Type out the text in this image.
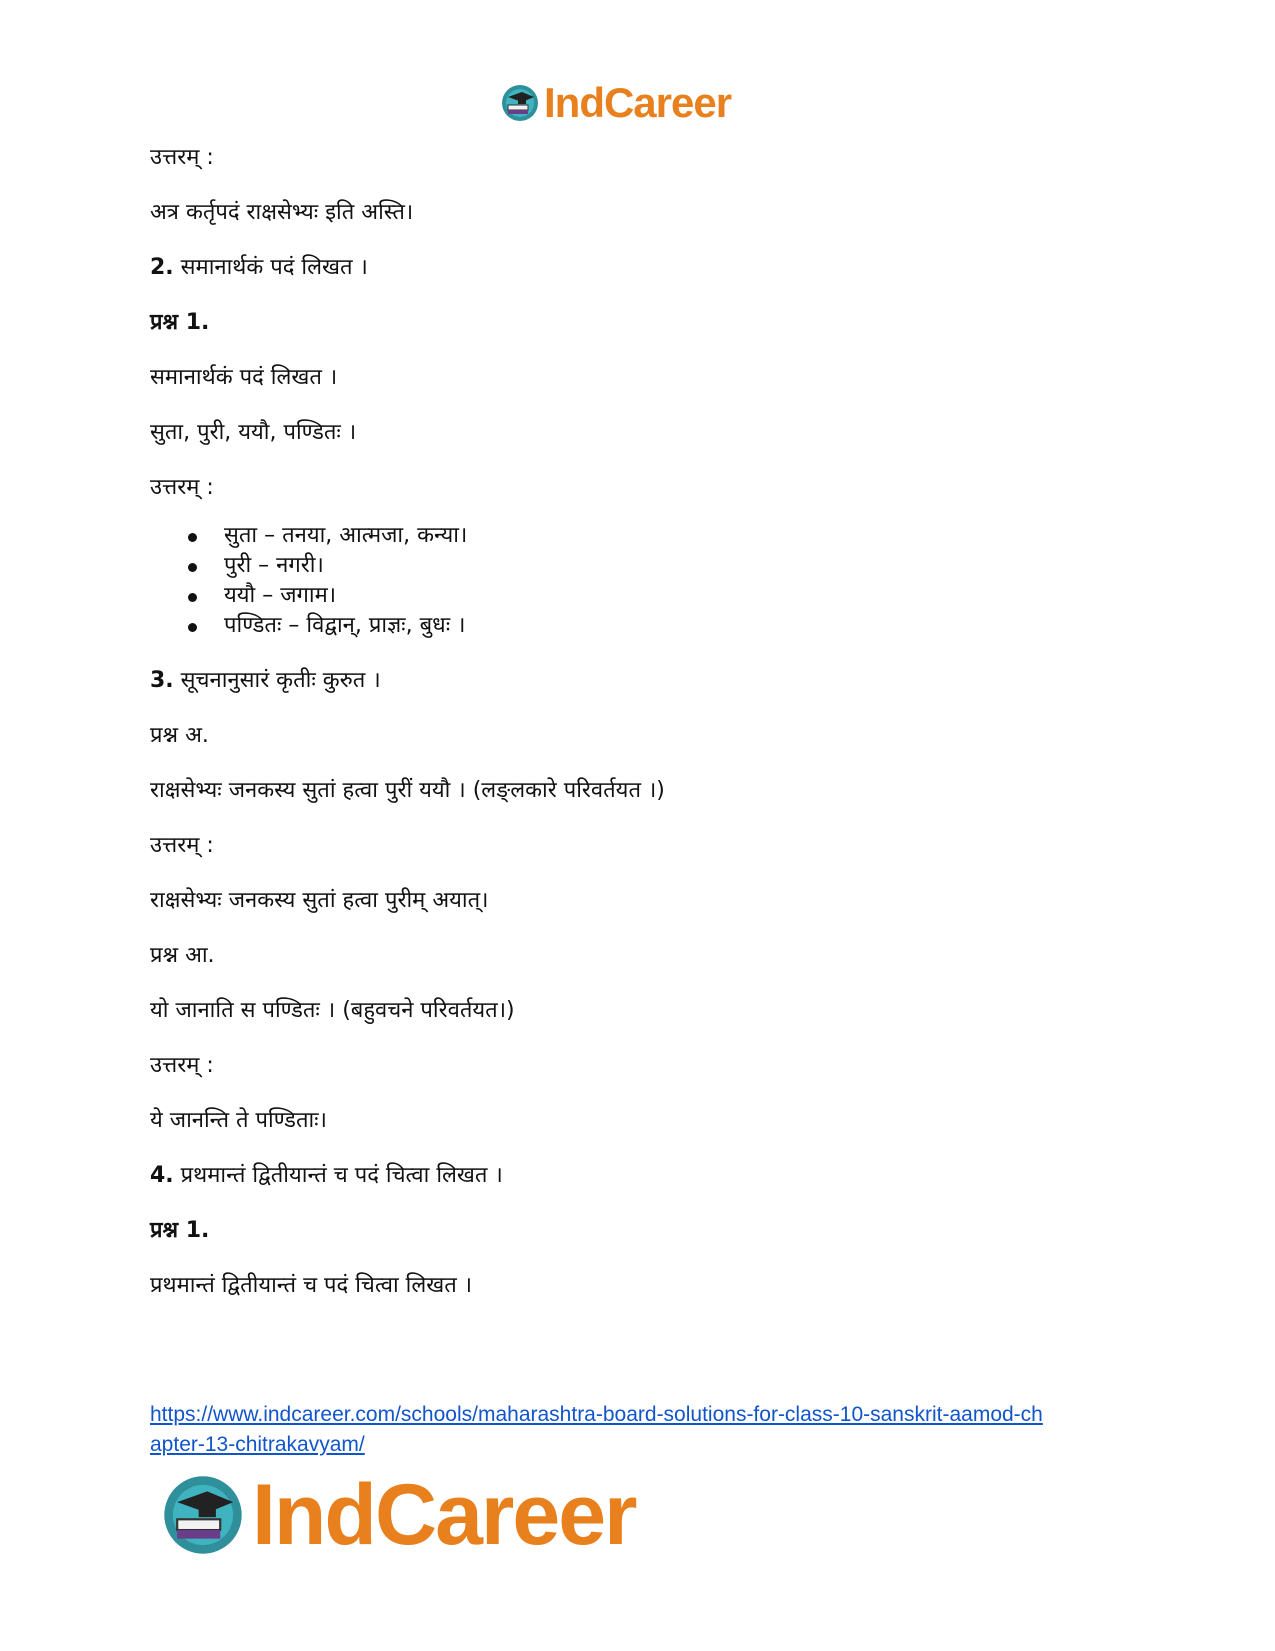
IndCareer
उत्तरम् :
अत्र कर्तृपदं राक्षसेभ्यः इति अस्ति।
2. समानार्थकं पदं लिखत ।
प्रश्न 1.
समानार्थकं पदं लिखत ।
सुता, पुरी, ययौ, पण्डितः ।
उत्तरम् :
सुता – तनया, आत्मजा, कन्या।
पुरी – नगरी।
ययौ – जगाम।
पण्डितः – विद्वान्, प्राज्ञः, बुधः ।
3. सूचनानुसारं कृतीः कुरुत ।
प्रश्न अ.
राक्षसेभ्यः जनकस्य सुतां हत्वा पुरीं ययौ । (लङ्लकारे परिवर्तयत ।)
उत्तरम् :
राक्षसेभ्यः जनकस्य सुतां हत्वा पुरीम् अयात्।
प्रश्न आ.
यो जानाति स पण्डितः । (बहुवचने परिवर्तयत।)
उत्तरम् :
ये जानन्ति ते पण्डिताः।
4. प्रथमान्तं द्वितीयान्तं च पदं चित्वा लिखत ।
प्रश्न 1.
प्रथमान्तं द्वितीयान्तं च पदं चित्वा लिखत ।
https://www.indcareer.com/schools/maharashtra-board-solutions-for-class-10-sanskrit-aamod-ch
apter-13-chitrakavyam/
IndCareer
